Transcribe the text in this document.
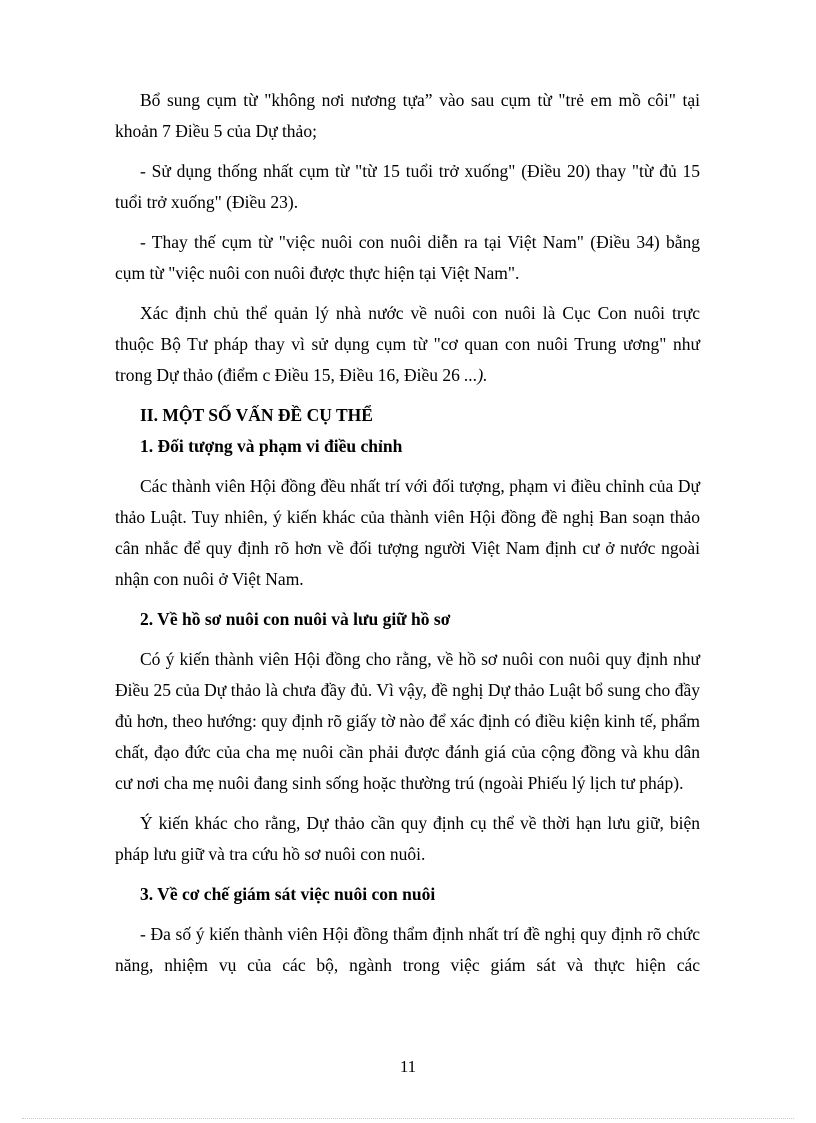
Bổ sung cụm từ "không nơi nương tựa” vào sau cụm từ "trẻ em mồ côi" tại khoản 7 Điều 5 của Dự thảo;

- Sử dụng thống nhất cụm từ "từ 15 tuổi trở xuống" (Điều 20) thay "từ đủ 15 tuổi trở xuống" (Điều 23).

- Thay thế cụm từ "việc nuôi con nuôi diễn ra tại Việt Nam" (Điều 34) bằng cụm từ "việc nuôi con nuôi được thực hiện tại Việt Nam".

Xác định chủ thể quản lý nhà nước về nuôi con nuôi là Cục Con nuôi trực thuộc Bộ Tư pháp thay vì sử dụng cụm từ "cơ quan con nuôi Trung ương" như trong Dự thảo (điểm c Điều 15, Điều 16, Điều 26 ...).

II. MỘT SỐ VẤN ĐỀ CỤ THỂ
1. Đối tượng và phạm vi điều chỉnh

Các thành viên Hội đồng đều nhất trí với đối tượng, phạm vi điều chỉnh của Dự thảo Luật. Tuy nhiên, ý kiến khác của thành viên Hội đồng đề nghị Ban soạn thảo cân nhắc để quy định rõ hơn về đối tượng người Việt Nam định cư ở nước ngoài nhận con nuôi ở Việt Nam.

2. Về hồ sơ nuôi con nuôi và lưu giữ hồ sơ

Có ý kiến thành viên Hội đồng cho rằng, về hồ sơ nuôi con nuôi quy định như Điều 25 của Dự thảo là chưa đầy đủ. Vì vậy, đề nghị Dự thảo Luật bổ sung cho đầy đủ hơn, theo hướng: quy định rõ giấy tờ nào để xác định có điều kiện kinh tế, phẩm chất, đạo đức của cha mẹ nuôi cần phải được đánh giá của cộng đồng và khu dân cư nơi cha mẹ nuôi đang sinh sống hoặc thường trú (ngoài Phiếu lý lịch tư pháp).

Ý kiến khác cho rằng, Dự thảo cần quy định cụ thể về thời hạn lưu giữ, biện pháp lưu giữ và tra cứu hồ sơ nuôi con nuôi.

3. Về cơ chế giám sát việc nuôi con nuôi

- Đa số ý kiến thành viên Hội đồng thẩm định nhất trí đề nghị quy định rõ chức năng, nhiệm vụ của các bộ, ngành trong việc giám sát và thực hiện các

11
